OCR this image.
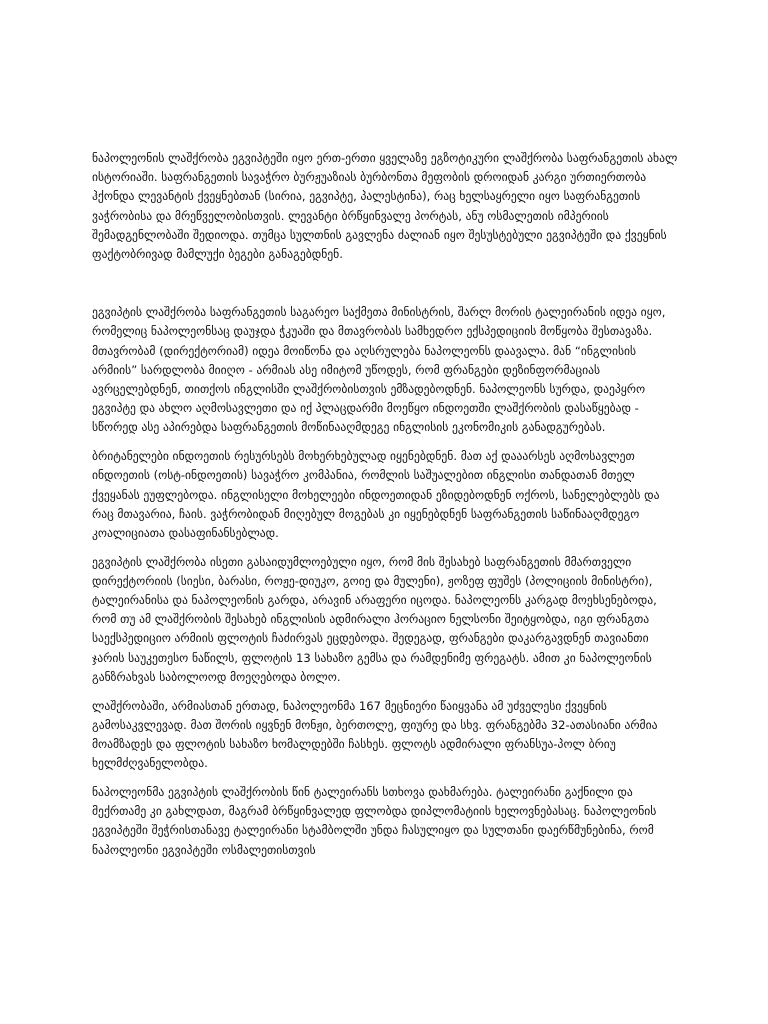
ნაპოლეონის ლაშქრობა ეგვიპტეში იყო ერთ-ერთი ყველაზე ეგზოტიკური ლაშქრობა საფრანგეთის ახალ ისტორიაში. საფრანგეთის სავაჭრო ბურჟუაზიას ბურბონთა მეფობის დროიდან კარგი ურთიერთობა ჰქონდა ლევანტის ქვეყნებთან (სირია, ეგვიპტე, პალესტინა), რაც ხელსაყრელი იყო საფრანგეთის ვაჭრობისა და მრეწველობისთვის. ლევანტი ბრწყინვალე პორტას, ანუ ოსმალეთის იმპერიის შემადგენლობაში შედიოდა. თუმცა სულთნის გავლენა ძალიან იყო შესუსტებული ეგვიპტეში და ქვეყნის ფაქტობრივად მამლუქი ბეგები განაგებდნენ.

ეგვიპტის ლაშქრობა საფრანგეთის საგარეო საქმეთა მინისტრის, შარლ მორის ტალეირანის იდეა იყო, რომელიც ნაპოლეონსაც დაუჯდა ჭკუაში და მთავრობას სამხედრო ექსპედიციის მოწყობა შესთავაზა. მთავრობამ (დირექტორიამ) იდეა მოიწონა და აღსრულება ნაპოლეონს დაავალა. მან “ინგლისის არმიის” სარდლობა მიიღო - არმიას ასე იმიტომ უწოდეს, რომ ფრანგები დეზინფორმაციას ავრცელებდნენ, თითქოს ინგლისში ლაშქრობისთვის ემზადებოდნენ. ნაპოლეონს სურდა, დაეპყრო ეგვიპტე და ახლო აღმოსავლეთი და იქ პლაცდარმი მოეწყო ინდოეთში ლაშქრობის დასაწყებად - სწორედ ასე აპირებდა საფრანგეთის მოწინააღმდეგე ინგლისის ეკონომიკის განადგურებას.

ბრიტანელები ინდოეთის რესურსებს მოხერხებულად იყენებდნენ. მათ აქ დააარსეს აღმოსავლეთ ინდოეთის (ოსტ-ინდოეთის) სავაჭრო კომპანია, რომლის საშუალებით ინგლისი თანდათან მთელ ქვეყანას ეუფლებოდა. ინგლისელი მოხელეები ინდოეთიდან ეზიდებოდნენ ოქროს, სანელებლებს და რაც მთავარია, ჩაის. ვაჭრობიდან მიღებულ მოგებას კი იყენებდნენ საფრანგეთის საწინააღმდეგო კოალიციათა დასაფინანსებლად.

ეგვიპტის ლაშქრობა ისეთი გასაიდუმლოებული იყო, რომ მის შესახებ საფრანგეთის მმართველი დირექტორიის (სიესი, ბარასი, როჟე-დიუკო, გოიე და მულენი), ჟოზეფ ფუშეს (პოლიციის მინისტრი), ტალეირანისა და ნაპოლეონის გარდა, არავინ არაფერი იცოდა. ნაპოლეონს კარგად მოეხსენებოდა, რომ თუ ამ ლაშქრობის შესახებ ინგლისის ადმირალი ჰორაციო ნელსონი შეიტყობდა, იგი ფრანგთა საექსპედიციო არმიის ფლოტის ჩაძირვას ეცდებოდა. შედეგად, ფრანგები დაკარგავდნენ თავიანთი ჯარის საუკეთესო ნაწილს, ფლოტის 13 სახაზო გემსა და რამდენიმე ფრეგატს. ამით კი ნაპოლეონის განზრახვას საბოლოოდ მოეღებოდა ბოლო.

ლაშქრობაში, არმიასთან ერთად, ნაპოლეონმა 167 მეცნიერი წაიყვანა ამ უძველესი ქვეყნის გამოსაკვლევად. მათ შორის იყვნენ მონჟი, ბერთოლე, ფიურე და სხვ. ფრანგებმა 32-ათასიანი არმია მოამზადეს და ფლოტის სახაზო ხომალდებში ჩასხეს. ფლოტს ადმირალი ფრანსუა-პოლ ბრიუ ხელმძღვანელობდა.

ნაპოლეონმა ეგვიპტის ლაშქრობის წინ ტალეირანს სთხოვა დახმარება. ტალეირანი გაქნილი და მექრთამე კი გახლდათ, მაგრამ ბრწყინვალედ ფლობდა დიპლომატიის ხელოვნებასაც. ნაპოლეონის ეგვიპტეში შეჭრისთანავე ტალეირანი სტამბოლში უნდა ჩასულიყო და სულთანი დაერწმუნებინა, რომ ნაპოლეონი ეგვიპტეში ოსმალეთისთვის
